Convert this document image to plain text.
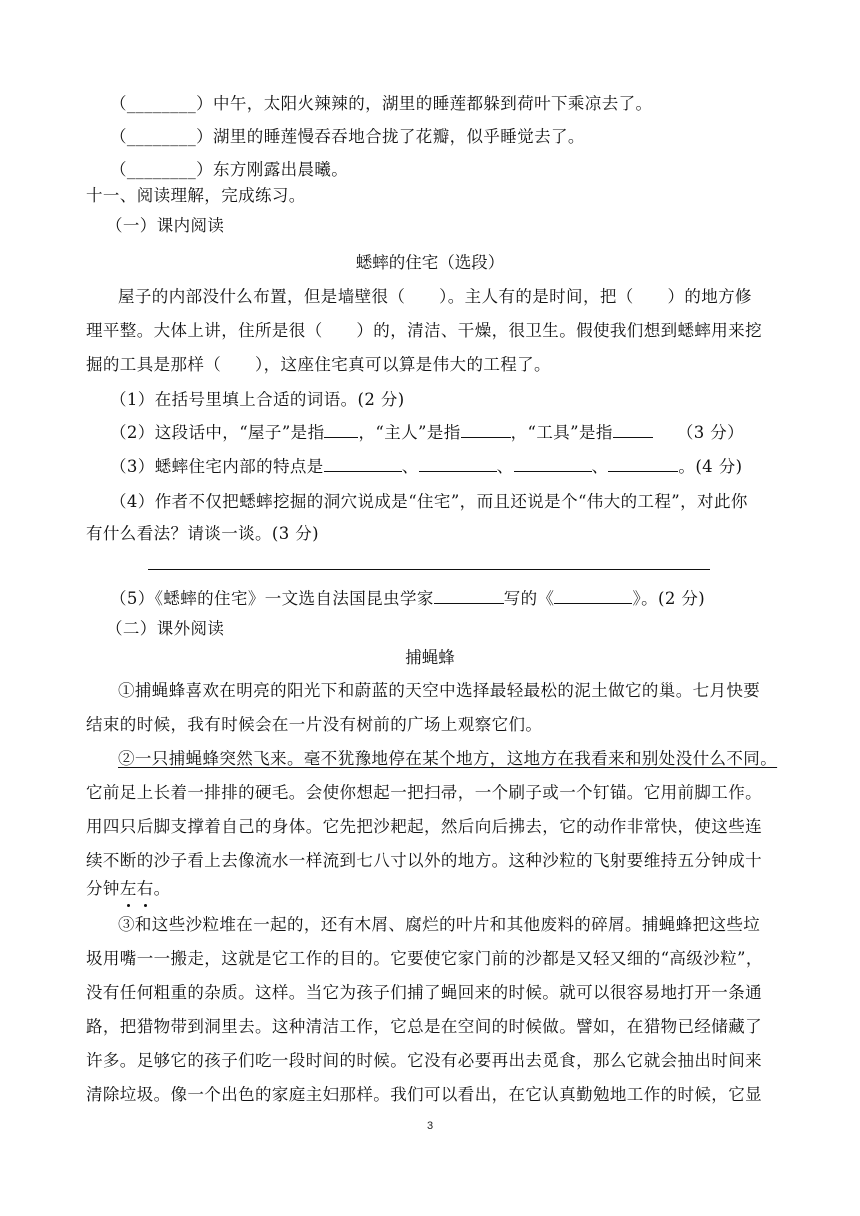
（________）中午，太阳火辣辣的，湖里的睡莲都躲到荷叶下乘凉去了。
（________）湖里的睡莲慢吞吞地合拢了花瓣，似乎睡觉去了。
（________）东方刚露出晨曦。
十一、阅读理解，完成练习。
（一）课内阅读
蟋蟀的住宅（选段）
屋子的内部没什么布置，但是墙壁很（　　）。主人有的是时间，把（　　）的地方修
理平整。大体上讲，住所是很（　　）的，清洁、干燥，很卫生。假使我们想到蟋蟀用来挖
掘的工具是那样（　　），这座住宅真可以算是伟大的工程了。
（1）在括号里填上合适的词语。(2 分)
（2）这段话中，“屋子”是指 ，“主人”是指	，“工具”是指	（3 分）
（3）蟋蟀住宅内部的特点是	、	、	、	。(4 分)
（4）作者不仅把蟋蟀挖掘的洞穴说成是“住宅”，而且还说是个“伟大的工程”，对此你
有什么看法？请谈一谈。(3 分)
（5）《蟋蟀的住宅》一文选自法国昆虫学家	写的《	》。(2 分)
（二）课外阅读
捕蝇蜂
①捕蝇蜂喜欢在明亮的阳光下和蔚蓝的天空中选择最轻最松的泥土做它的巢。七月快要
结束的时候，我有时候会在一片没有树前的广场上观察它们。
②一只捕蝇蜂突然飞来。毫不犹豫地停在某个地方，这地方在我看来和别处没什么不同。
它前足上长着一排排的硬毛。会使你想起一把扫帚，一个刷子或一个钉锚。它用前脚工作。
用四只后脚支撑着自己的身体。它先把沙耙起，然后向后拂去，它的动作非常快，使这些连
续不断的沙子看上去像流水一样流到七八寸以外的地方。这种沙粒的飞射要维持五分钟成十
分钟左右。
③和这些沙粒堆在一起的，还有木屑、腐烂的叶片和其他废料的碎屑。捕蝇蜂把这些垃
圾用嘴一一搬走，这就是它工作的目的。它要使它家门前的沙都是又轻又细的“高级沙粒”，
没有任何粗重的杂质。这样。当它为孩子们捕了蝇回来的时候。就可以很容易地打开一条通
路，把猎物带到洞里去。这种清洁工作，它总是在空间的时候做。譬如，在猎物已经储藏了
许多。足够它的孩子们吃一段时间的时候。它没有必要再出去觅食，那么它就会抽出时间来
清除垃圾。像一个出色的家庭主妇那样。我们可以看出，在它认真勤勉地工作的时候，它显
3
